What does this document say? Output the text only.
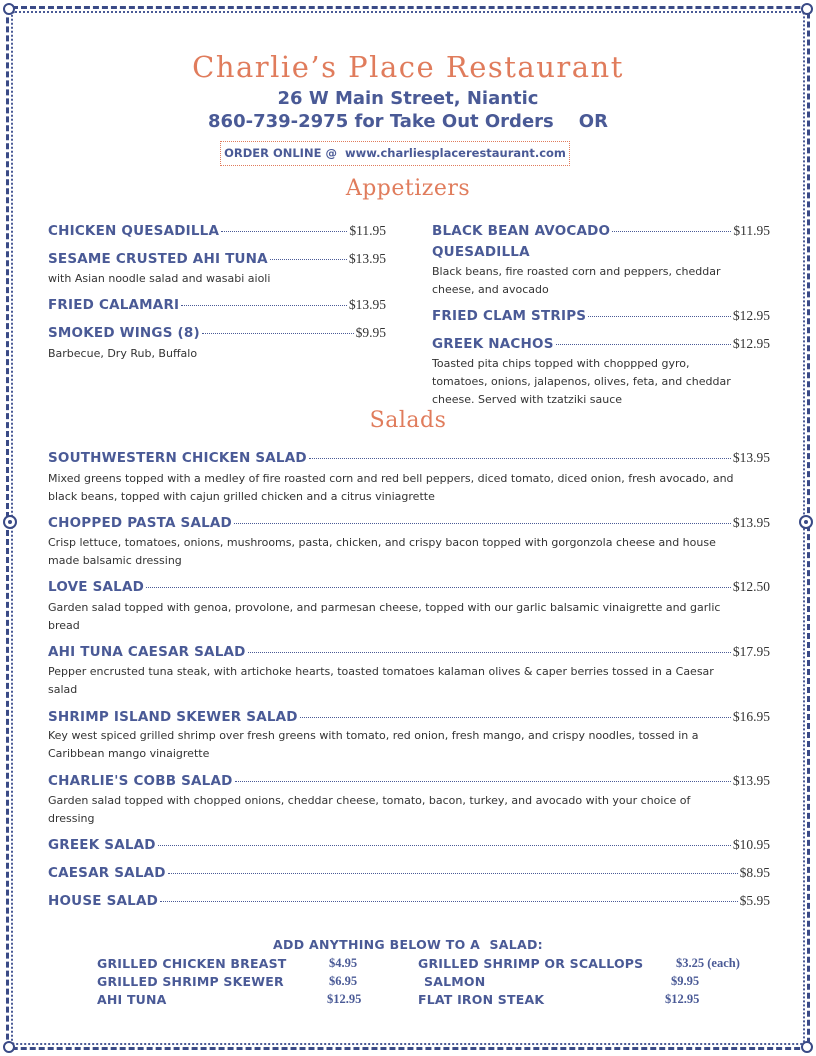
Charlie’s Place Restaurant
26 W Main Street, Niantic
860-739-2975 for Take Out Orders    OR
ORDER ONLINE @  www.charliesplacerestaurant.com
Appetizers
CHICKEN QUESADILLA	$11.95
SESAME CRUSTED AHI TUNA	$13.95
with Asian noodle salad and wasabi aioli
FRIED CALAMARI	$13.95
SMOKED WINGS (8)	$9.95
Barbecue, Dry Rub, Buffalo
BLACK BEAN AVOCADO	$11.95
QUESADILLA
Black beans, fire roasted corn and peppers, cheddar cheese, and avocado
FRIED CLAM STRIPS	$12.95
GREEK NACHOS	$12.95
Toasted pita chips topped with choppped gyro, tomatoes, onions, jalapenos, olives, feta, and cheddar cheese. Served with tzatziki sauce
Salads
SOUTHWESTERN CHICKEN SALAD	$13.95
Mixed greens topped with a medley of fire roasted corn and red bell peppers, diced tomato, diced onion, fresh avocado, and black beans, topped with cajun grilled chicken and a citrus viniagrette
CHOPPED PASTA SALAD	$13.95
Crisp lettuce, tomatoes, onions, mushrooms, pasta, chicken, and crispy bacon topped with gorgonzola cheese and house made balsamic dressing
LOVE SALAD	$12.50
Garden salad topped with genoa, provolone, and parmesan cheese, topped with our garlic balsamic vinaigrette and garlic bread
AHI TUNA CAESAR SALAD	$17.95
Pepper encrusted tuna steak, with artichoke hearts, toasted tomatoes kalaman olives & caper berries tossed in a Caesar salad
SHRIMP ISLAND SKEWER SALAD	$16.95
Key west spiced grilled shrimp over fresh greens with tomato, red onion, fresh mango, and crispy noodles, tossed in a Caribbean mango vinaigrette
CHARLIE'S COBB SALAD	$13.95
Garden salad topped with chopped onions, cheddar cheese, tomato, bacon, turkey, and avocado with your choice of dressing
GREEK SALAD	$10.95
CAESAR SALAD	$8.95
HOUSE SALAD	$5.95
ADD ANYTHING BELOW TO A  SALAD:
GRILLED CHICKEN BREAST	$4.95	GRILLED SHRIMP OR SCALLOPS	$3.25 (each)
GRILLED SHRIMP SKEWER	$6.95	SALMON	$9.95
AHI TUNA	$12.95	FLAT IRON STEAK	$12.95
